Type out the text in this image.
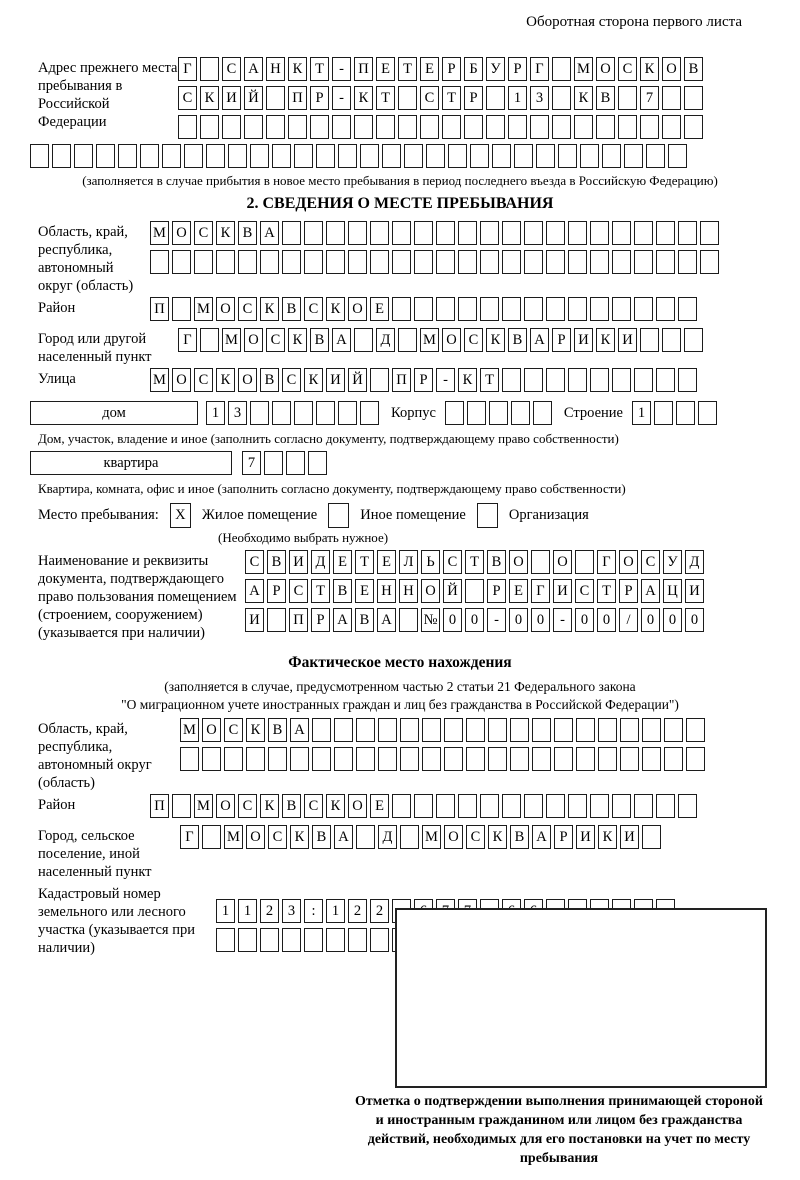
Оборотная сторона первого листа
Адрес прежнего места пребывания в Российской Федерации
Г	С А Н К Т	- П Е Т Е Р Б У Р Г	М О С К О В
С К И Й П Р	-	К Т	С Т Р	1	3	К В	7
(заполняется в случае прибытия в новое место пребывания в период последнего въезда в Российскую Федерацию)
2. СВЕДЕНИЯ О МЕСТЕ ПРЕБЫВАНИЯ
Область, край, республика, автономный округ (область)
М О С К В А
Район	П М О С К В С К О Е
Город или другой населенный пункт
Г	М О С К В А	Д	М О С К В А Р И К И
Улица	М О С К О В С К И Й П Р	-	К Т
дом	1	3	Корпус	Строение	1
Дом, участок, владение и иное (заполнить согласно документу, подтверждающему право собственности)
квартира	7
Квартира, комната, офис и иное (заполнить согласно документу, подтверждающему право собственности)
Место пребывания:	X	Жилое помещение	Иное помещение	Организация
(Необходимо выбрать нужное)
Наименование и реквизиты документа, подтверждающего право пользования помещением (строением, сооружением) (указывается при наличии)
С В И Д Е Т Е Л Ь С Т В О О	Г О С У Д
А Р С Т В Е Н Н О Й	Р Е Г И С Т Р А Ц И
И П Р А В А № 0	0	-	0	0	-	0	0	/	0	0	0
Фактическое место нахождения
(заполняется в случае, предусмотренном частью 2 статьи 21 Федерального закона
"О миграционном учете иностранных граждан и лиц без гражданства в Российской Федерации")
Область, край, республика, автономный округ (область)
М О С К В А
Район	П М О С К В С К О Е
Город, сельское поселение, иной населенный пункт
Г	М О С К В А	Д	М О С К В А Р И К И
Кадастровый номер земельного или лесного участка (указывается при наличии)
1	1	2	3	:	1	2	2
Отметка о подтверждении выполнения принимающей стороной и иностранным гражданином или лицом без гражданства действий, необходимых для его постановки на учет по месту пребывания
